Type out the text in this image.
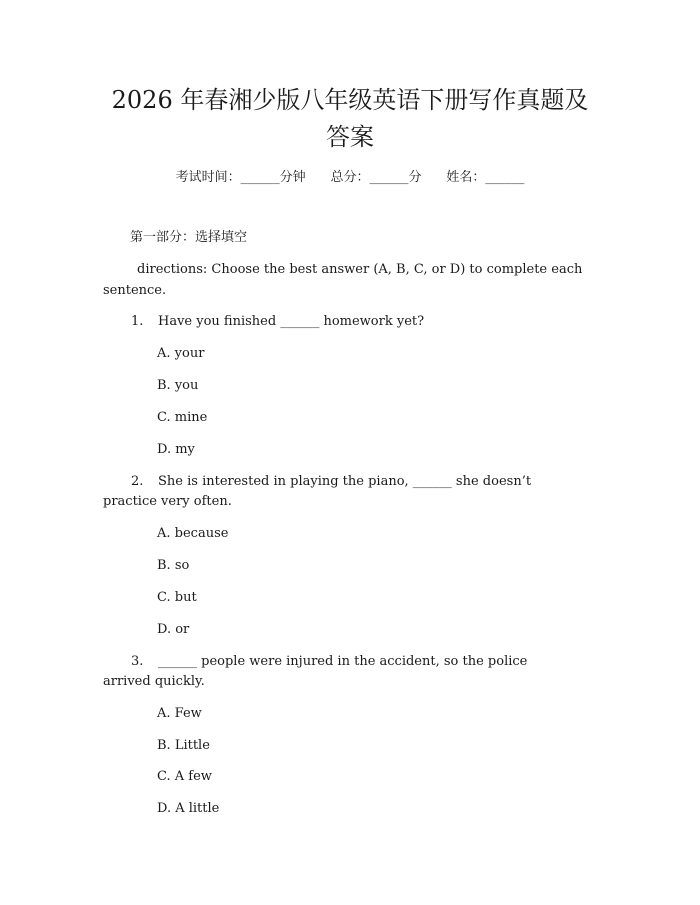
2026 年春湘少版八年级英语下册写作真题及
答案
考试时间：______分钟 总分：______分 姓名：______
第一部分：选择填空
directions: Choose the best answer (A, B, C, or D) to complete each
sentence.
1. Have you finished ______ homework yet?
A. your
B. you
C. mine
D. my
2. She is interested in playing the piano, ______ she doesn’t
practice very often.
A. because
B. so
C. but
D. or
3. ______ people were injured in the accident, so the police
arrived quickly.
A. Few
B. Little
C. A few
D. A little
